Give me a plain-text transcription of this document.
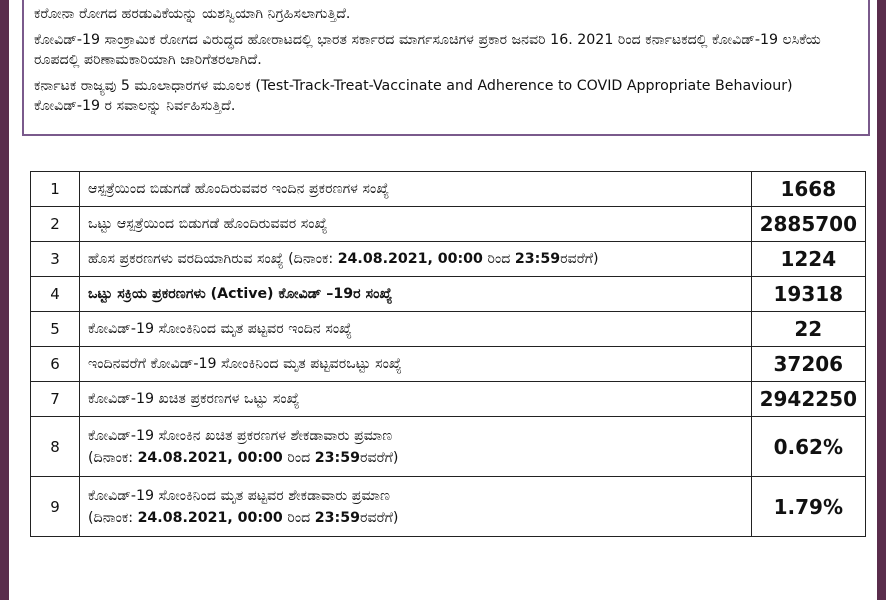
ಕರೋನಾ ರೋಗದ ಹರಡುವಿಕೆಯನ್ನು ಯಶಸ್ವಿಯಾಗಿ ನಿಗ್ರಹಿಸಲಾಗುತ್ತಿದೆ.

ಕೋವಿಡ್-19 ಸಾಂಕ್ರಾಮಿಕ ರೋಗದ ವಿರುದ್ಧದ ಹೋರಾಟದಲ್ಲಿ ಭಾರತ ಸರ್ಕಾರದ ಮಾರ್ಗಸೂಚಿಗಳ ಪ್ರಕಾರ ಜನವರಿ 16. 2021 ರಿಂದ ಕರ್ನಾಟಕದಲ್ಲಿ ಕೋವಿಡ್-19 ಲಸಿಕೆಯ ರೂಪದಲ್ಲಿ ಪರಿಣಾಮಕಾರಿಯಾಗಿ ಜಾರಿಗೆತರಲಾಗಿದೆ.

ಕರ್ನಾಟಕ ರಾಜ್ಯವು 5 ಮೂಲಾಧಾರಗಳ ಮೂಲಕ (Test-Track-Treat-Vaccinate and Adherence to COVID Appropriate Behaviour) ಕೋವಿಡ್-19 ರ ಸವಾಲನ್ನು ನಿರ್ವಹಿಸುತ್ತಿದೆ.

1	ಆಸ್ಪತ್ರೆಯಿಂದ ಬಿಡುಗಡೆ ಹೊಂದಿರುವವರ ಇಂದಿನ ಪ್ರಕರಣಗಳ ಸಂಖ್ಯೆ	1668
2	ಒಟ್ಟು ಆಸ್ಪತ್ರೆಯಿಂದ ಬಿಡುಗಡೆ ಹೊಂದಿರುವವರ ಸಂಖ್ಯೆ	2885700
3	ಹೊಸ ಪ್ರಕರಣಗಳು ವರದಿಯಾಗಿರುವ ಸಂಖ್ಯೆ (ದಿನಾಂಕ: 24.08.2021, 00:00 ರಿಂದ 23:59ರವರೆಗೆ)	1224
4	ಒಟ್ಟು ಸಕ್ರಿಯ ಪ್ರಕರಣಗಳು (Active) ಕೋವಿಡ್ –19ರ ಸಂಖ್ಯೆ	19318
5	ಕೋವಿಡ್-19 ಸೋಂಕಿನಿಂದ ಮೃತ ಪಟ್ಟವರ ಇಂದಿನ ಸಂಖ್ಯೆ	22
6	ಇಂದಿನವರೆಗೆ ಕೋವಿಡ್-19 ಸೋಂಕಿನಿಂದ ಮೃತ ಪಟ್ಟವರಒಟ್ಟು ಸಂಖ್ಯೆ	37206
7	ಕೋವಿಡ್-19 ಖಚಿತ ಪ್ರಕರಣಗಳ ಒಟ್ಟು ಸಂಖ್ಯೆ	2942250
8	ಕೋವಿಡ್-19 ಸೋಂಕಿನ ಖಚಿತ ಪ್ರಕರಣಗಳ ಶೇಕಡಾವಾರು ಪ್ರಮಾಣ
(ದಿನಾಂಕ: 24.08.2021, 00:00 ರಿಂದ 23:59ರವರೆಗೆ)	0.62%
9	ಕೋವಿಡ್-19 ಸೋಂಕಿನಿಂದ ಮೃತ ಪಟ್ಟವರ ಶೇಕಡಾವಾರು ಪ್ರಮಾಣ
(ದಿನಾಂಕ: 24.08.2021, 00:00 ರಿಂದ 23:59ರವರೆಗೆ)	1.79%
